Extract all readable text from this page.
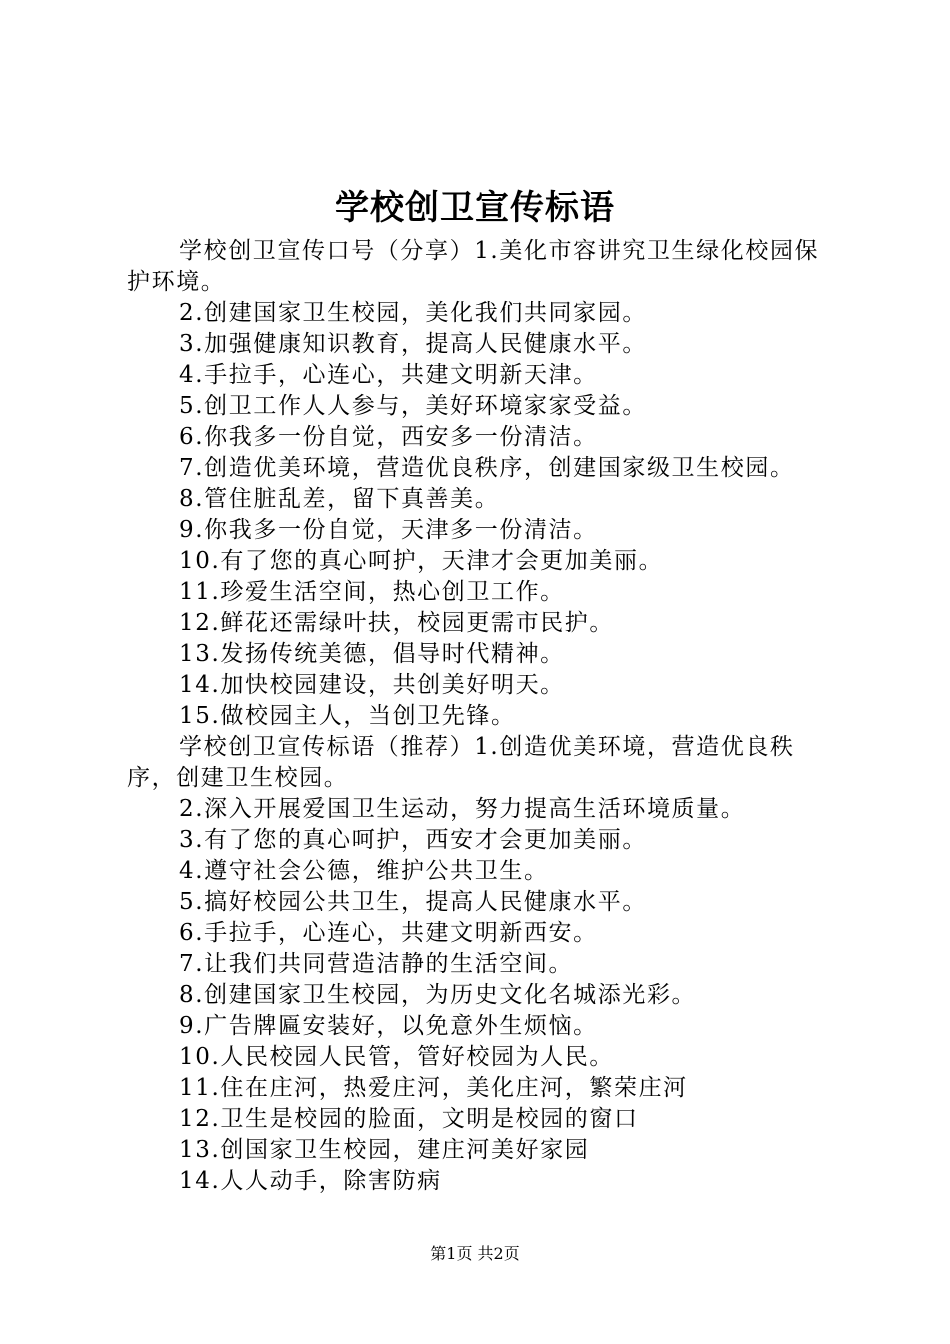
学校创卫宣传标语

学校创卫宣传口号（分享）1.美化市容讲究卫生绿化校园保护环境。

2.创建国家卫生校园，美化我们共同家园。

3.加强健康知识教育，提高人民健康水平。

4.手拉手，心连心，共建文明新天津。

5.创卫工作人人参与，美好环境家家受益。

6.你我多一份自觉，西安多一份清洁。

7.创造优美环境，营造优良秩序，创建国家级卫生校园。

8.管住脏乱差，留下真善美。

9.你我多一份自觉，天津多一份清洁。

10.有了您的真心呵护，天津才会更加美丽。

11.珍爱生活空间，热心创卫工作。

12.鲜花还需绿叶扶，校园更需市民护。

13.发扬传统美德，倡导时代精神。

14.加快校园建设，共创美好明天。

15.做校园主人，当创卫先锋。

学校创卫宣传标语（推荐）1.创造优美环境，营造优良秩序，创建卫生校园。

2.深入开展爱国卫生运动，努力提高生活环境质量。

3.有了您的真心呵护，西安才会更加美丽。

4.遵守社会公德，维护公共卫生。

5.搞好校园公共卫生，提高人民健康水平。

6.手拉手，心连心，共建文明新西安。

7.让我们共同营造洁静的生活空间。

8.创建国家卫生校园，为历史文化名城添光彩。

9.广告牌匾安装好，以免意外生烦恼。

10.人民校园人民管，管好校园为人民。

11.住在庄河，热爱庄河，美化庄河，繁荣庄河

12.卫生是校园的脸面，文明是校园的窗口

13.创国家卫生校园，建庄河美好家园

14.人人动手，除害防病

第1页 共2页
